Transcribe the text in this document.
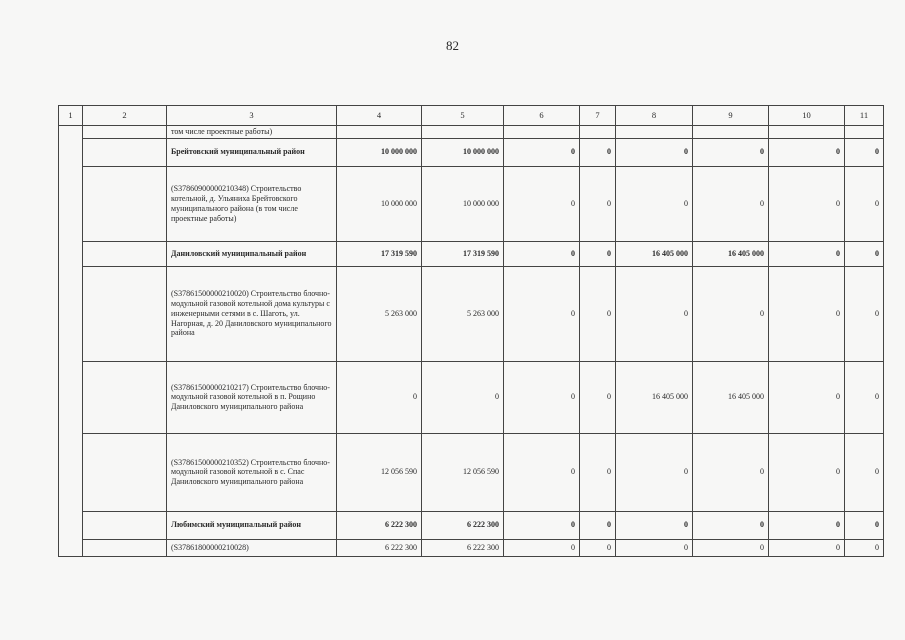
82
1	2	3	4	5	6	7	8	9	10	11
		том числе проектные работы)								
		Брейтовский муниципальный район	10 000 000	10 000 000	0	0	0	0	0	0
		(S37860900000210348) Строительство котельной, д. Ульяниха Брейтовского муниципального района (в том числе проектные работы)	10 000 000	10 000 000	0	0	0	0	0	0
		Даниловский муниципальный район	17 319 590	17 319 590	0	0	16 405 000	16 405 000	0	0
		(S37861500000210020) Строительство блочно-модульной газовой котельной дома культуры с инженерными сетями в с. Шаготь, ул. Нагорная, д. 20 Даниловского муниципального района	5 263 000	5 263 000	0	0	0	0	0	0
		(S37861500000210217) Строительство блочно-модульной газовой котельной в п. Рощино Даниловского муниципального района	0	0	0	0	16 405 000	16 405 000	0	0
		(S37861500000210352) Строительство блочно-модульной газовой котельной в с. Спас Даниловского муниципального района	12 056 590	12 056 590	0	0	0	0	0	0
		Любимский муниципальный район	6 222 300	6 222 300	0	0	0	0	0	0
		(S37861800000210028)	6 222 300	6 222 300	0	0	0	0	0	0
